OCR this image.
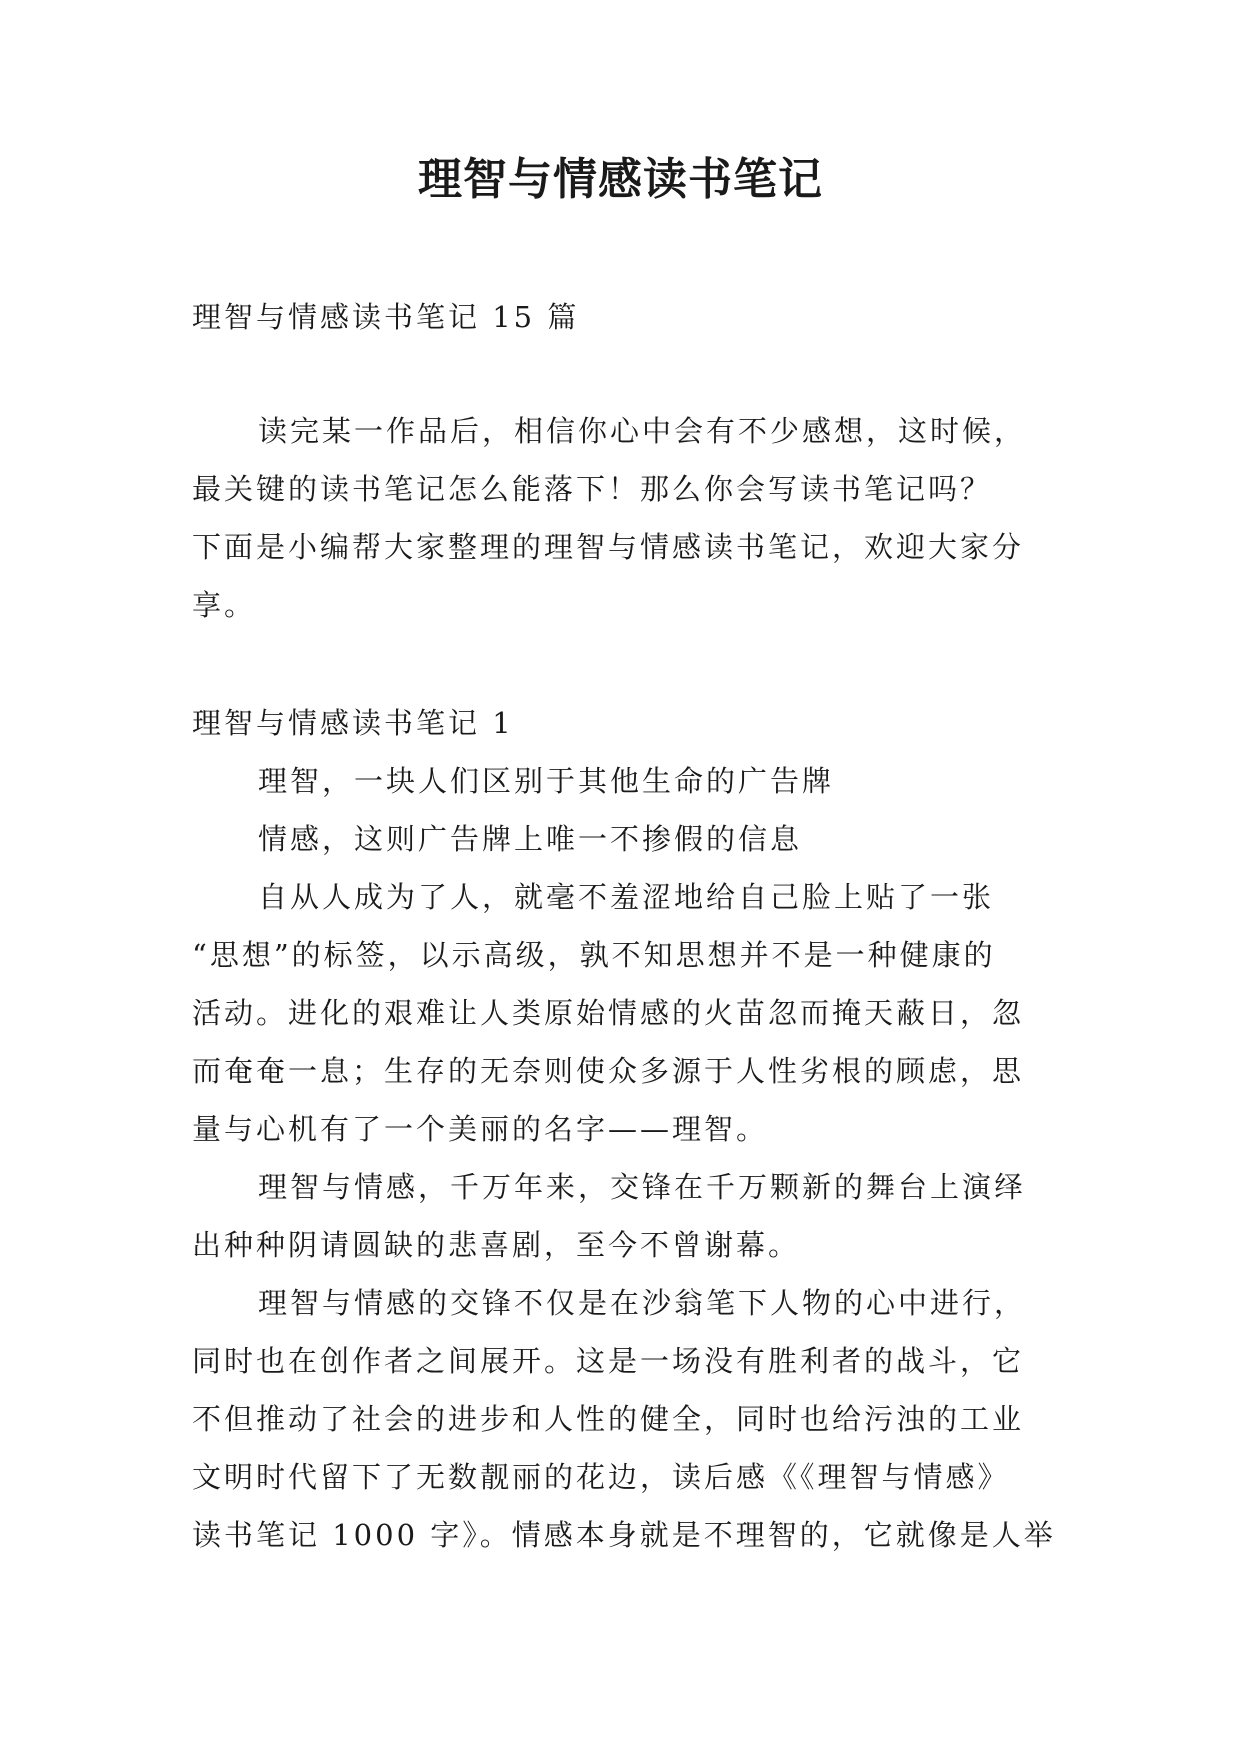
理智与情感读书笔记
理智与情感读书笔记 15 篇
读完某一作品后，相信你心中会有不少感想，这时候，
最关键的读书笔记怎么能落下！那么你会写读书笔记吗？
下面是小编帮大家整理的理智与情感读书笔记，欢迎大家分
享。
理智与情感读书笔记 1
理智，一块人们区别于其他生命的广告牌
情感，这则广告牌上唯一不掺假的信息
自从人成为了人，就毫不羞涩地给自己脸上贴了一张
“思想”的标签，以示高级，孰不知思想并不是一种健康的
活动。进化的艰难让人类原始情感的火苗忽而掩天蔽日，忽
而奄奄一息；生存的无奈则使众多源于人性劣根的顾虑，思
量与心机有了一个美丽的名字——理智。
理智与情感，千万年来，交锋在千万颗新的舞台上演绎
出种种阴请圆缺的悲喜剧，至今不曾谢幕。
理智与情感的交锋不仅是在沙翁笔下人物的心中进行，
同时也在创作者之间展开。这是一场没有胜利者的战斗，它
不但推动了社会的进步和人性的健全，同时也给污浊的工业
文明时代留下了无数靓丽的花边，读后感《《理智与情感》
读书笔记 1000 字》。情感本身就是不理智的，它就像是人举
